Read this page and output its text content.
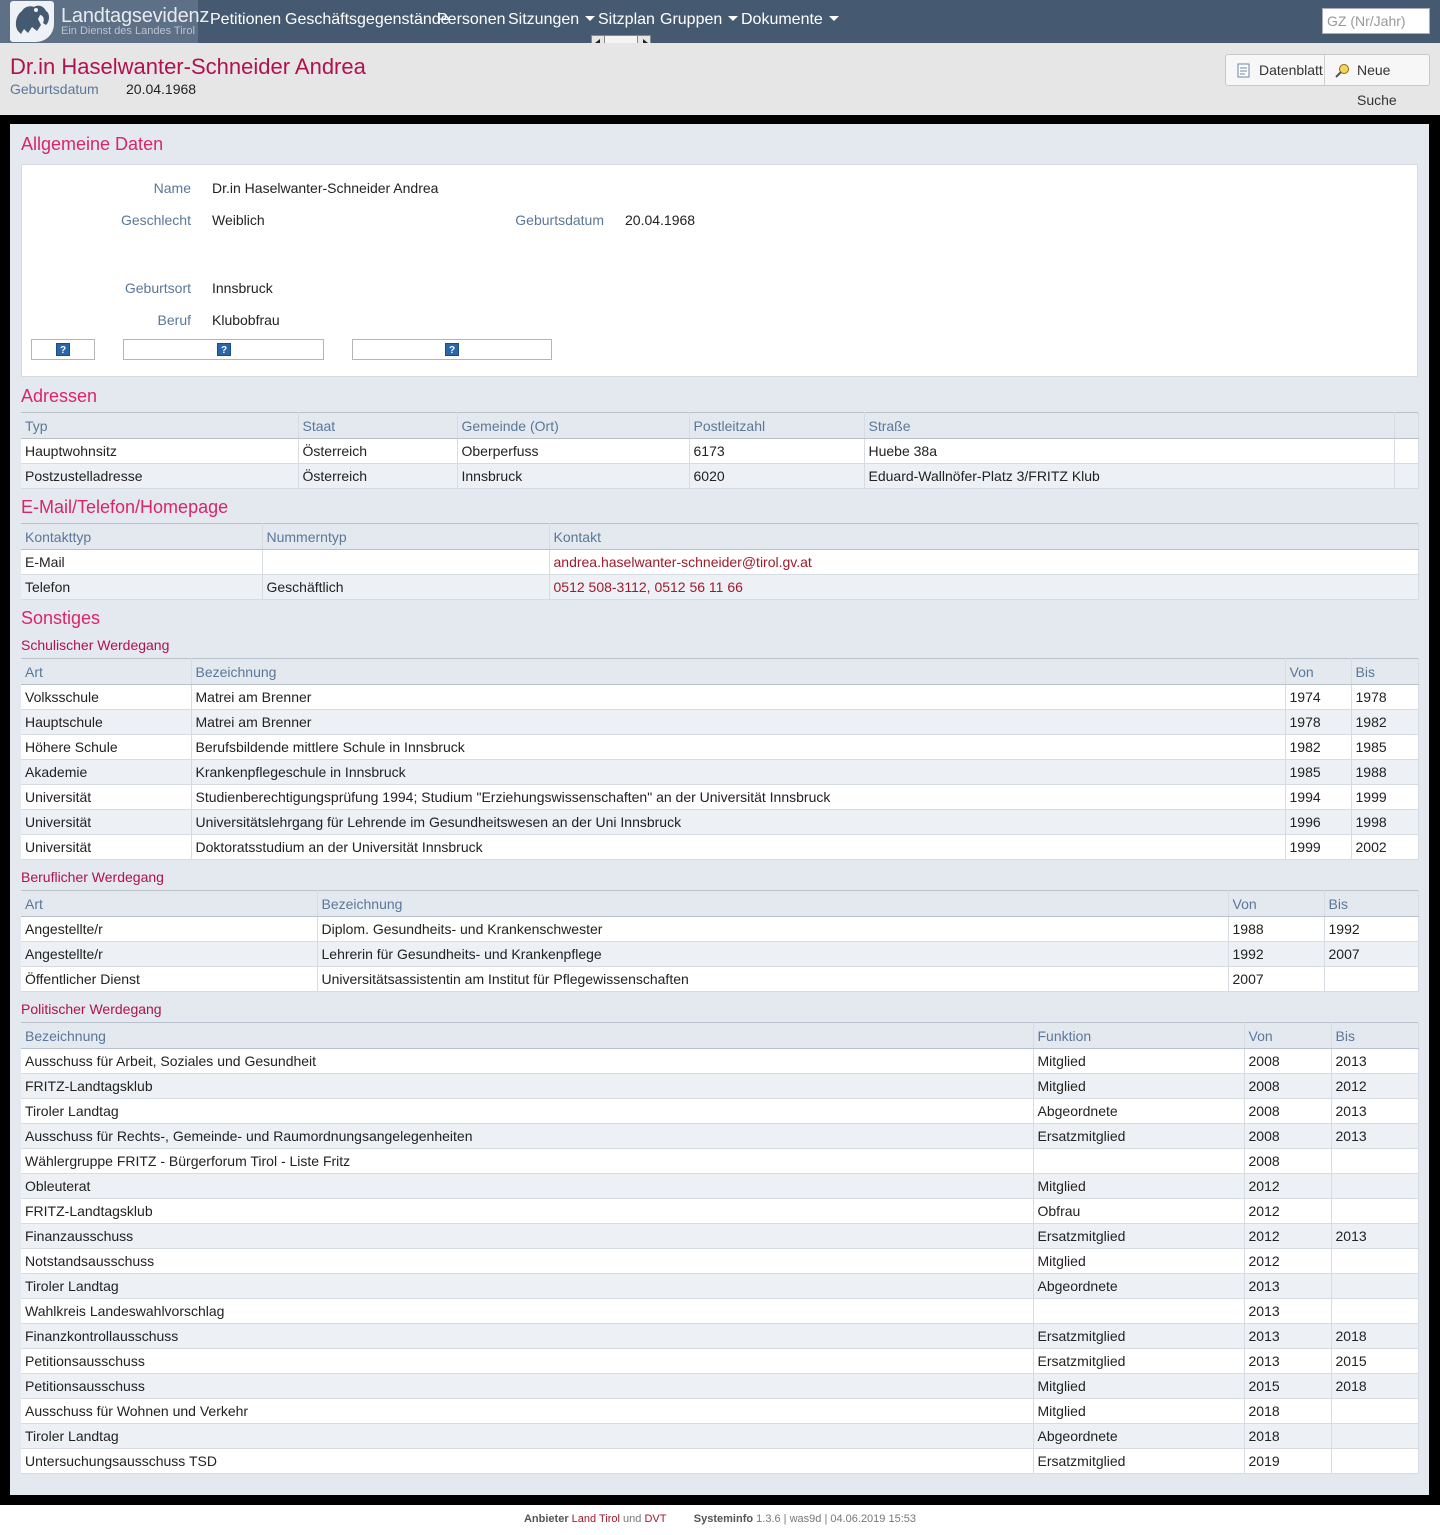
Landtagsevidenz
Ein Dienst des Landes Tirol
Petitionen Geschäftsgegenstände
Personen Sitzungen	Sitzplan Gruppen	Dokumente
GZ (Nr/Jahr)
Dr.in Haselwanter-Schneider Andrea
Geburtsdatum 20.04.1968
Datenblatt Neue Suche
Allgemeine Daten
Name Dr.in Haselwanter-Schneider Andrea
Geschlecht Weiblich	Geburtsdatum 20.04.1968
Geburtsort Innsbruck
Beruf Klubobfrau
?	?	?
Adressen
Typ	Staat	Gemeinde (Ort)	Postleitzahl	Straße	
Hauptwohnsitz	Österreich	Oberperfuss	6173	Huebe 38a	
Postzustelladresse	Österreich	Innsbruck	6020	Eduard-Wallnöfer-Platz 3/FRITZ Klub	
E-Mail/Telefon/Homepage
Kontakttyp	Nummerntyp	Kontakt
E-Mail		andrea.haselwanter-schneider@tirol.gv.at
Telefon	Geschäftlich	0512 508-3112, 0512 56 11 66
Sonstiges
Schulischer Werdegang
Art	Bezeichnung	Von	Bis
Volksschule	Matrei am Brenner	1974	1978
Hauptschule	Matrei am Brenner	1978	1982
Höhere Schule	Berufsbildende mittlere Schule in Innsbruck	1982	1985
Akademie	Krankenpflegeschule in Innsbruck	1985	1988
Universität	Studienberechtigungsprüfung 1994; Studium "Erziehungswissenschaften" an der Universität Innsbruck	1994	1999
Universität	Universitätslehrgang für Lehrende im Gesundheitswesen an der Uni Innsbruck	1996	1998
Universität	Doktoratsstudium an der Universität Innsbruck	1999	2002
Beruflicher Werdegang
Art	Bezeichnung	Von	Bis
Angestellte/r	Diplom. Gesundheits- und Krankenschwester	1988	1992
Angestellte/r	Lehrerin für Gesundheits- und Krankenpflege	1992	2007
Öffentlicher Dienst	Universitätsassistentin am Institut für Pflegewissenschaften	2007	
Politischer Werdegang
Bezeichnung	Funktion	Von	Bis
Ausschuss für Arbeit, Soziales und Gesundheit	Mitglied	2008	2013
FRITZ-Landtagsklub	Mitglied	2008	2012
Tiroler Landtag	Abgeordnete	2008	2013
Ausschuss für Rechts-, Gemeinde- und Raumordnungsangelegenheiten	Ersatzmitglied	2008	2013
Wählergruppe FRITZ - Bürgerforum Tirol - Liste Fritz		2008	
Obleuterat	Mitglied	2012	
FRITZ-Landtagsklub	Obfrau	2012	
Finanzausschuss	Ersatzmitglied	2012	2013
Notstandsausschuss	Mitglied	2012	
Tiroler Landtag	Abgeordnete	2013	
Wahlkreis Landeswahlvorschlag		2013	
Finanzkontrollausschuss	Ersatzmitglied	2013	2018
Petitionsausschuss	Ersatzmitglied	2013	2015
Petitionsausschuss	Mitglied	2015	2018
Ausschuss für Wohnen und Verkehr	Mitglied	2018	
Tiroler Landtag	Abgeordnete	2018	
Untersuchungsausschuss TSD	Ersatzmitglied	2019	
Anbieter Land Tirol und DVT	Systeminfo 1.3.6 | was9d | 04.06.2019 15:53
